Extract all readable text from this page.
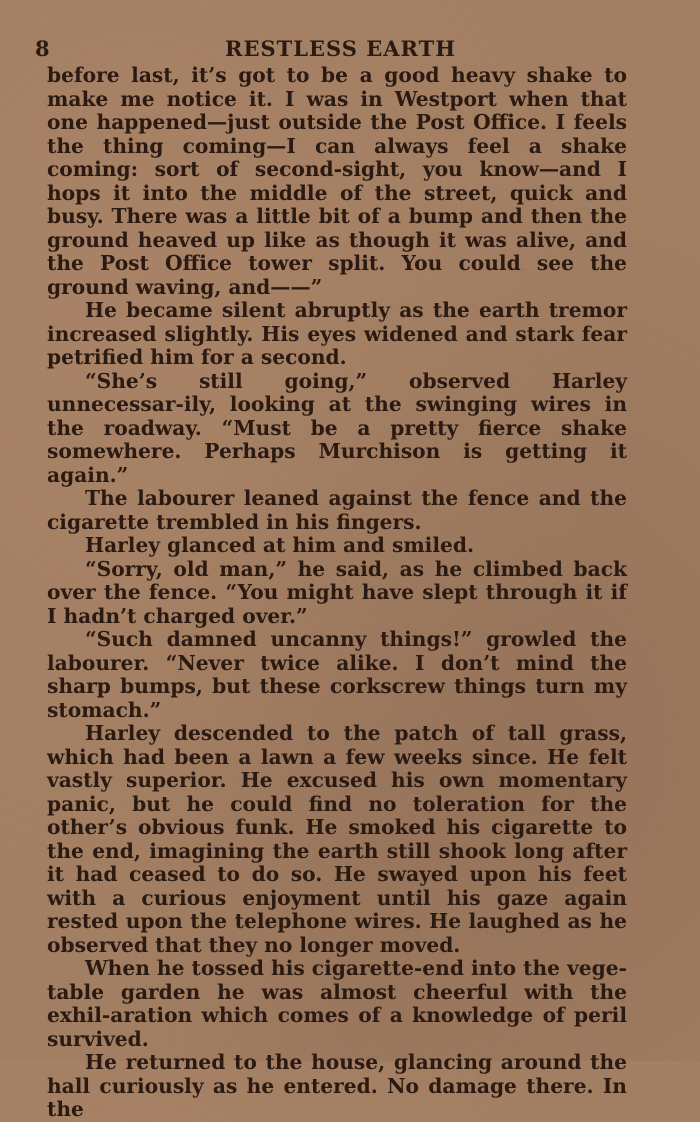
8	RESTLESS EARTH

before last, it’s got to be a good heavy shake to make me notice it. I was in Westport when that one happened—just outside the Post Office. I feels the thing coming—I can always feel a shake coming: sort of second-sight, you know—and I hops it into the middle of the street, quick and busy. There was a little bit of a bump and then the ground heaved up like as though it was alive, and the Post Office tower split. You could see the ground waving, and——”

He became silent abruptly as the earth tremor increased slightly. His eyes widened and stark fear petrified him for a second.

“She’s still going,” observed Harley unnecessar-ily, looking at the swinging wires in the roadway. “Must be a pretty fierce shake somewhere. Perhaps Murchison is getting it again.”

The labourer leaned against the fence and the cigarette trembled in his fingers.

Harley glanced at him and smiled.

“Sorry, old man,” he said, as he climbed back over the fence. “You might have slept through it if I hadn’t charged over.”

“Such damned uncanny things!” growled the labourer. “Never twice alike. I don’t mind the sharp bumps, but these corkscrew things turn my stomach.”

Harley descended to the patch of tall grass, which had been a lawn a few weeks since. He felt vastly superior. He excused his own momentary panic, but he could find no toleration for the other’s obvious funk. He smoked his cigarette to the end, imagining the earth still shook long after it had ceased to do so. He swayed upon his feet with a curious enjoyment until his gaze again rested upon the telephone wires. He laughed as he observed that they no longer moved.

When he tossed his cigarette-end into the vege-table garden he was almost cheerful with the exhil-aration which comes of a knowledge of peril survived.

He returned to the house, glancing around the hall curiously as he entered. No damage there. In the
